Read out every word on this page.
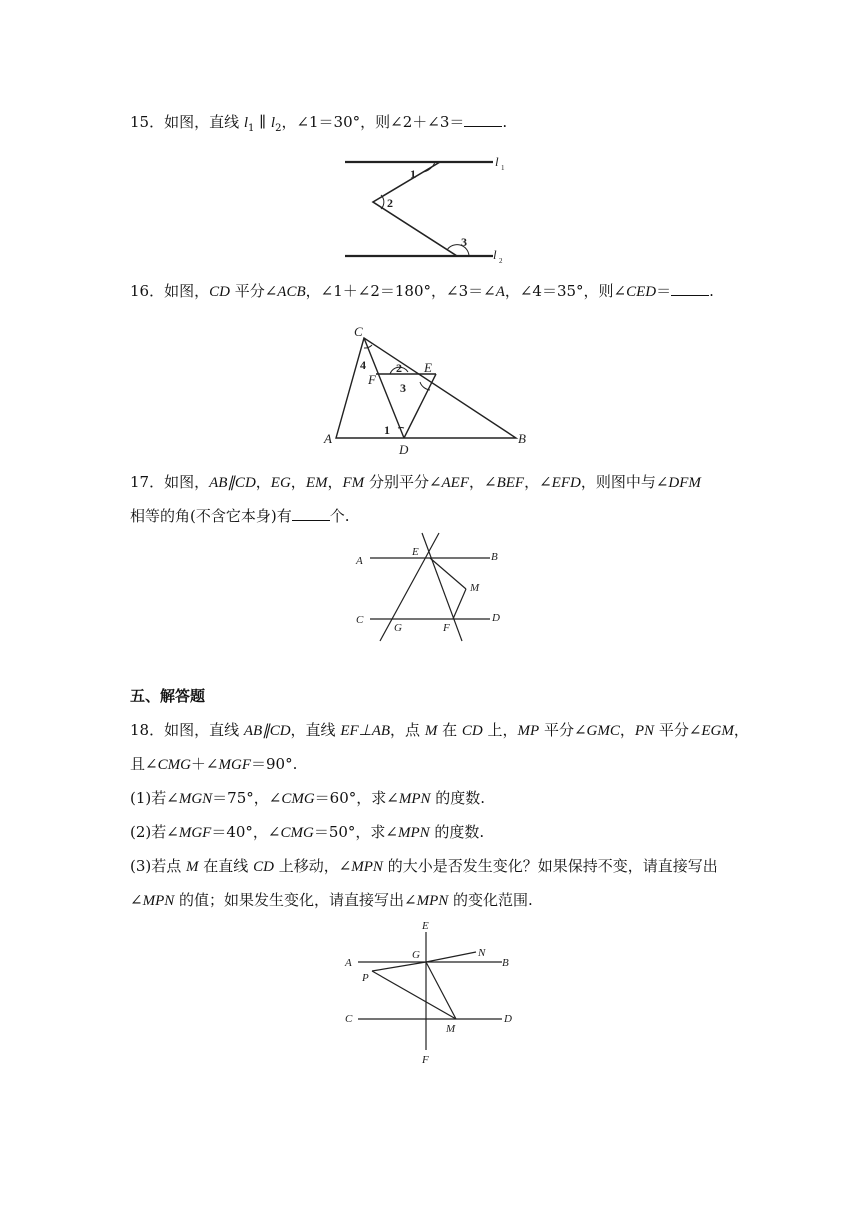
15．如图，直线 $l_1$ ∥ $l_2$，∠1＝30°，则∠2＋∠3＝	.
1
2
3
l 1
l 2
16．如图，CD 平分∠ACB，∠1＋∠2＝180°，∠3＝∠A，∠4＝35°，则∠CED＝	.
C
A	B
D
E
F
1
2
3
4
17．如图，AB∥CD，EG，EM，FM 分别平分∠AEF，∠BEF，∠EFD，则图中与∠DFM
相等的角(不含它本身)有	个.
A	B
C	D
E
F
G
M
五、解答题
18．如图，直线 AB∥CD，直线 EF⊥AB，点 M 在 CD 上，MP 平分∠GMC，PN 平分∠EGM，
且∠CMG＋∠MGF＝90°.
(1)若∠MGN＝75°，∠CMG＝60°，求∠MPN 的度数.
(2)若∠MGF＝40°，∠CMG＝50°，求∠MPN 的度数.
(3)若点 M 在直线 CD 上移动，∠MPN 的大小是否发生变化？如果保持不变，请直接写出
∠MPN 的值；如果发生变化，请直接写出∠MPN 的变化范围.
A	B
C	D
E
F
G
M
N
P
